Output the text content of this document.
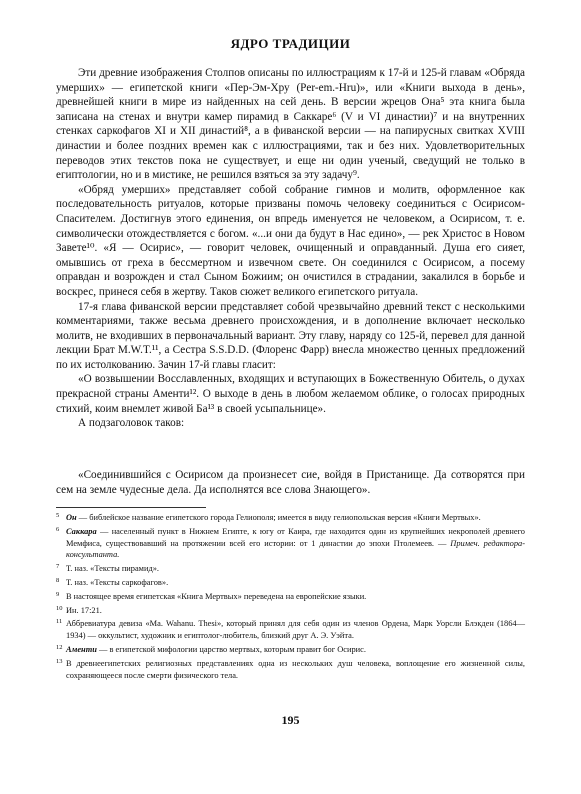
ЯДРО ТРАДИЦИИ

Эти древние изображения Столпов описаны по иллюстрациям к 17-й и 125-й главам «Обряда умерших» — египетской книги «Пер-Эм-Хру (Per-em.-Hru)», или «Книги выхода в день», древнейшей книги в мире из найденных на сей день. В версии жрецов Она⁵ эта книга была записана на стенах и внутри камер пирамид в Саккаре⁶ (V и VI династии)⁷ и на внутренних стенках саркофагов XI и XII династий⁸, а в фиванской версии — на папирусных свитках XVIII династии и более поздних времен как с иллюстрациями, так и без них. Удовлетворительных переводов этих текстов пока не существует, и еще ни один ученый, сведущий не только в египтологии, но и в мистике, не решился взяться за эту задачу⁹.

«Обряд умерших» представляет собой собрание гимнов и молитв, оформленное как последовательность ритуалов, которые призваны помочь человеку соединиться с Осирисом-Спасителем. Достигнув этого единения, он впредь именуется не человеком, а Осирисом, т. е. символически отождествляется с богом. «...и они да будут в Нас едино», — рек Христос в Новом Завете¹⁰. «Я — Осирис», — говорит человек, очищенный и оправданный. Душа его сияет, омывшись от греха в бессмертном и извечном свете. Он соединился с Осирисом, а посему оправдан и возрожден и стал Сыном Божиим; он очистился в страдании, закалился в борьбе и воскрес, принеся себя в жертву. Таков сюжет великого египетского ритуала.

17-я глава фиванской версии представляет собой чрезвычайно древний текст с несколькими комментариями, также весьма древнего происхождения, и в дополнение включает несколько молитв, не входивших в первоначальный вариант. Эту главу, наряду со 125-й, перевел для данной лекции Брат M.W.T.¹¹, а Сестра S.S.D.D. (Флоренс Фарр) внесла множество ценных предложений по их истолкованию. Зачин 17-й главы гласит:

«О возвышении Восславленных, входящих и вступающих в Божественную Обитель, о духах прекрасной страны Аменти¹². О выходе в день в любом желаемом облике, о голосах природных стихий, коим внемлет живой Ба¹³ в своей усыпальнице».

А подзаголовок таков:

«Соединившийся с Осирисом да произнесет сие, войдя в Пристанище. Да сотворятся при сем на земле чудесные дела. Да исполнятся все слова Знающего».

5 Он — библейское название египетского города Гелиополя; имеется в виду гелиопольская версия «Книги Мертвых».
6 Саккара — населенный пункт в Нижнем Египте, к югу от Каира, где находится один из крупнейших некрополей древнего Мемфиса, существовавший на протяжении всей его истории: от 1 династии до эпохи Птолемеев. — Примеч. редактора-консультанта.
7 Т. наз. «Тексты пирамид».
8 Т. наз. «Тексты саркофагов».
9 В настоящее время египетская «Книга Мертвых» переведена на европейские языки.
10 Ин. 17:21.
11 Аббревиатура девиза «Ma. Wahanu. Thesi», который принял для себя один из членов Ордена, Марк Уорсли Блэкден (1864—1934) — оккультист, художник и египтолог-любитель, близкий друг А. Э. Уэйта.
12 Аменти — в египетской мифологии царство мертвых, которым правит бог Осирис.
13 В древнеегипетских религиозных представлениях одна из нескольких душ человека, воплощение его жизненной силы, сохраняющееся после смерти физического тела.
195
